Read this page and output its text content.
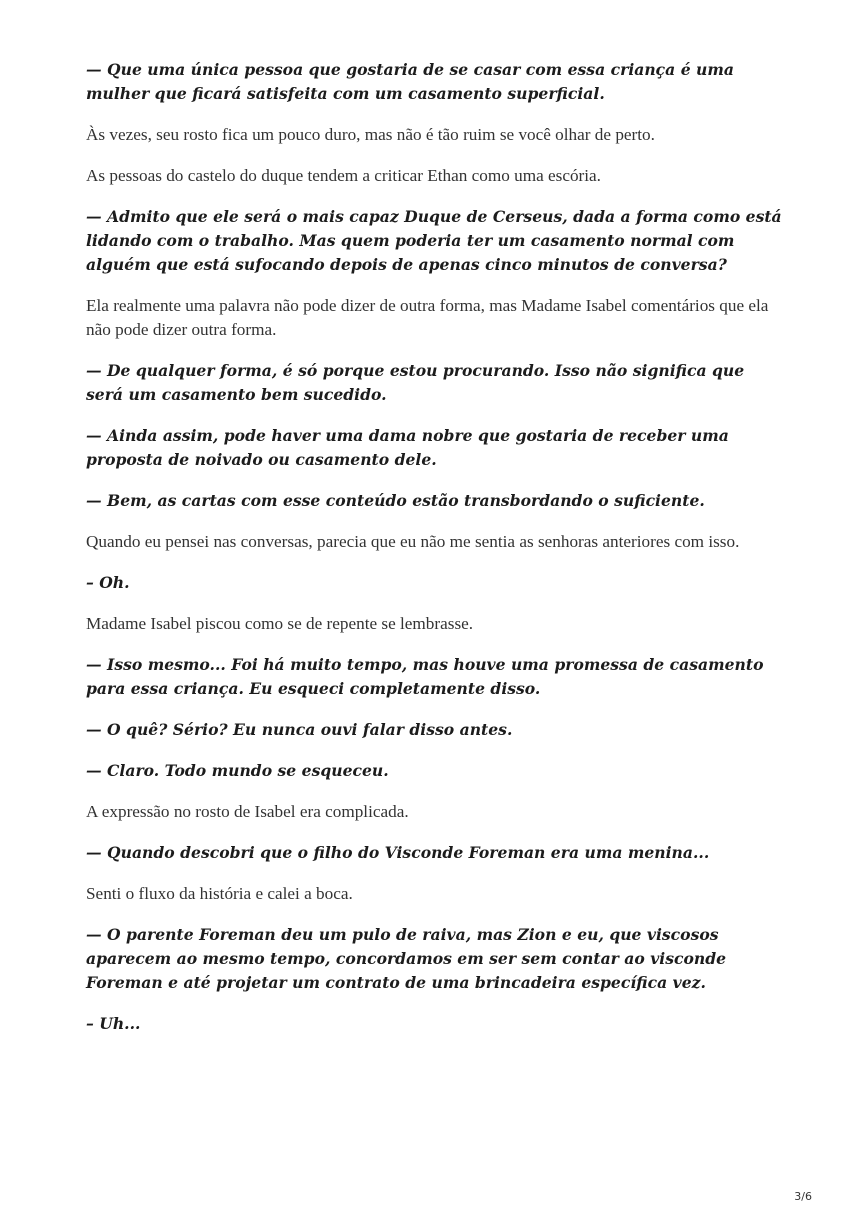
— Que uma única pessoa que gostaria de se casar com essa criança é uma mulher que ficará satisfeita com um casamento superficial.

Às vezes, seu rosto fica um pouco duro, mas não é tão ruim se você olhar de perto.

As pessoas do castelo do duque tendem a criticar Ethan como uma escória.

— Admito que ele será o mais capaz Duque de Cerseus, dada a forma como está lidando com o trabalho. Mas quem poderia ter um casamento normal com alguém que está sufocando depois de apenas cinco minutos de conversa?

Ela realmente uma palavra não pode dizer de outra forma, mas Madame Isabel comentários que ela não pode dizer outra forma.

— De qualquer forma, é só porque estou procurando. Isso não significa que será um casamento bem sucedido.

— Ainda assim, pode haver uma dama nobre que gostaria de receber uma proposta de noivado ou casamento dele.

— Bem, as cartas com esse conteúdo estão transbordando o suficiente.

Quando eu pensei nas conversas, parecia que eu não me sentia as senhoras anteriores com isso.

– Oh.

Madame Isabel piscou como se de repente se lembrasse.

— Isso mesmo... Foi há muito tempo, mas houve uma promessa de casamento para essa criança. Eu esqueci completamente disso.

— O quê? Sério? Eu nunca ouvi falar disso antes.

— Claro. Todo mundo se esqueceu.

A expressão no rosto de Isabel era complicada.

— Quando descobri que o filho do Visconde Foreman era uma menina...

Senti o fluxo da história e calei a boca.

— O parente Foreman deu um pulo de raiva, mas Zion e eu, que viscosos aparecem ao mesmo tempo, concordamos em ser sem contar ao visconde Foreman e até projetar um contrato de uma brincadeira específica vez.

– Uh...

3/6
